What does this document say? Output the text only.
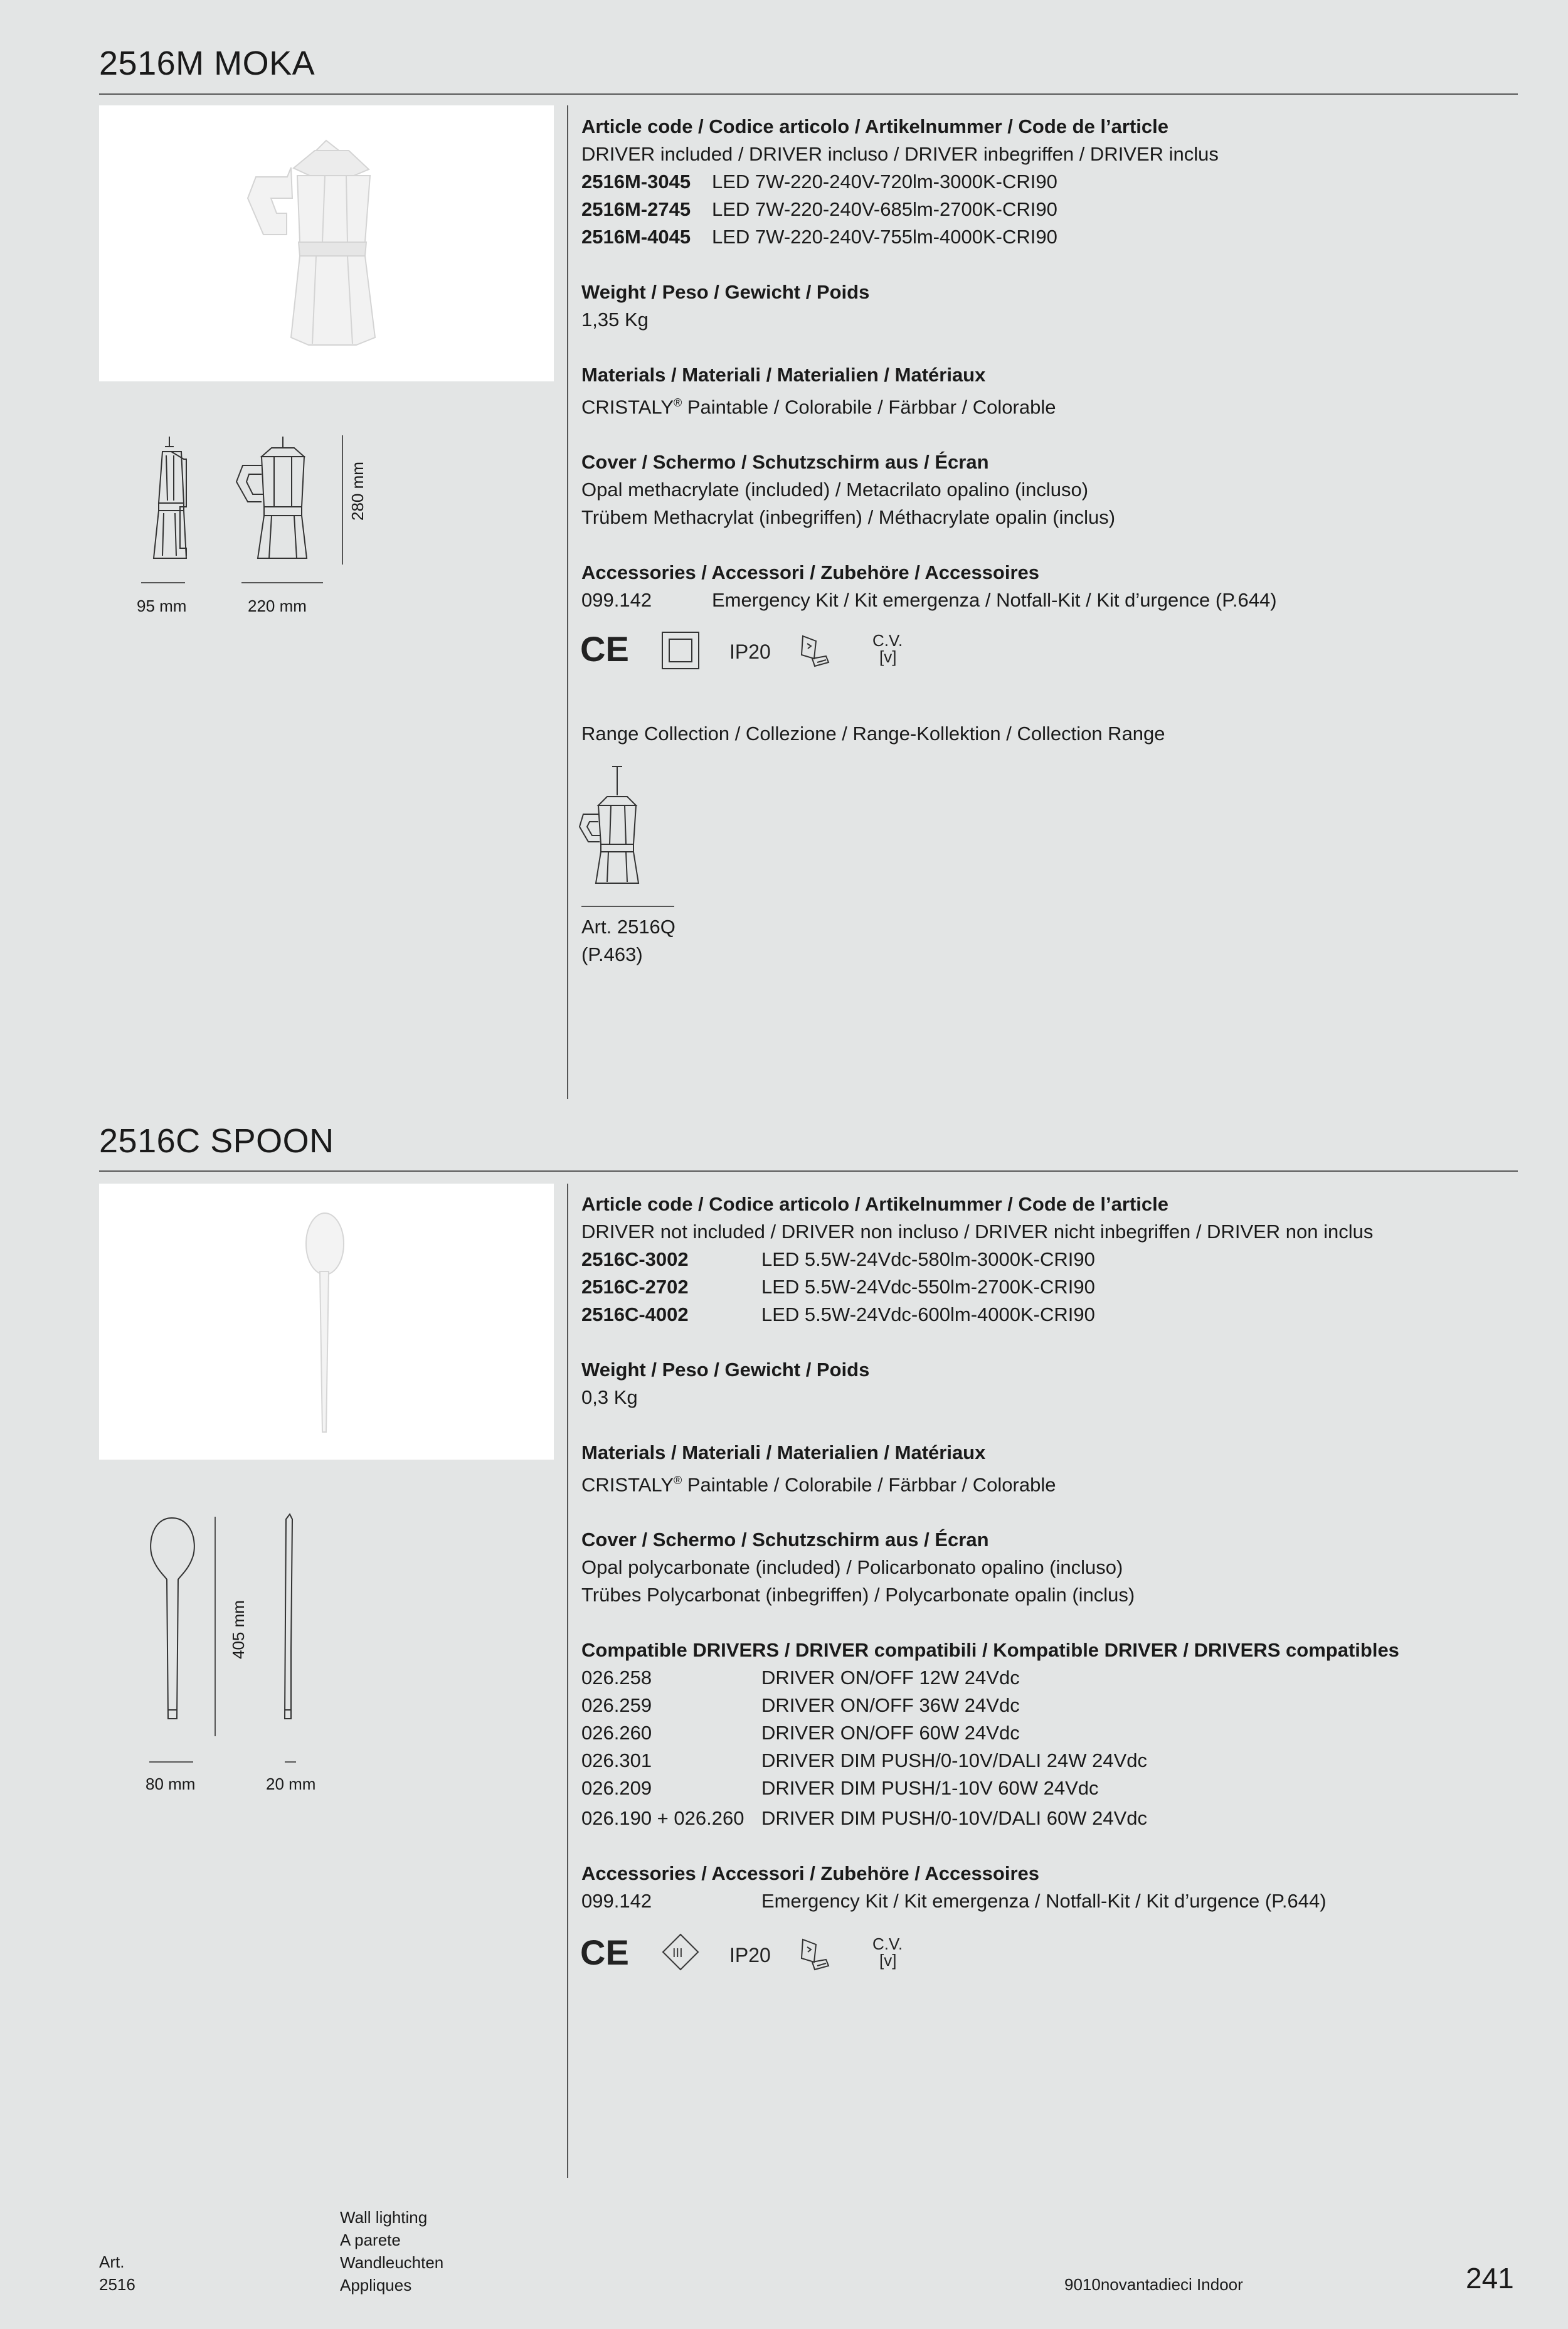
2516M MOKA
280 mm
95 mm	220 mm
Article code / Codice articolo / Artikelnummer / Code de l’article
DRIVER included / DRIVER incluso / DRIVER inbegriffen / DRIVER inclus
2516M-3045	LED 7W-220-240V-720lm-3000K-CRI90
2516M-2745	LED 7W-220-240V-685lm-2700K-CRI90
2516M-4045	LED 7W-220-240V-755lm-4000K-CRI90
Weight / Peso / Gewicht / Poids
1,35 Kg
Materials / Materiali / Materialien / Matériaux
CRISTALY® Paintable / Colorabile / Färbbar / Colorable
Cover / Schermo / Schutzschirm aus / Écran
Opal methacrylate (included) / Metacrilato opalino (incluso)
Trübem Methacrylat (inbegriffen) / Méthacrylate opalin (inclus)
Accessories / Accessori / Zubehöre / Accessoires
099.142	Emergency Kit / Kit emergenza / Notfall-Kit / Kit d’urgence (P.644)
CE	IP20	C.V.
[v]
Range Collection / Collezione / Range-Kollektion / Collection Range
Art. 2516Q
(P.463)
2516C SPOON
405 mm
80 mm	20 mm
Article code / Codice articolo / Artikelnummer / Code de l’article
DRIVER not included / DRIVER non incluso / DRIVER nicht inbegriffen / DRIVER non inclus
2516C-3002	LED 5.5W-24Vdc-580lm-3000K-CRI90
2516C-2702	LED 5.5W-24Vdc-550lm-2700K-CRI90
2516C-4002	LED 5.5W-24Vdc-600lm-4000K-CRI90
Weight / Peso / Gewicht / Poids
0,3 Kg
Materials / Materiali / Materialien / Matériaux
CRISTALY® Paintable / Colorabile / Färbbar / Colorable
Cover / Schermo / Schutzschirm aus / Écran
Opal polycarbonate (included) / Policarbonato opalino (incluso)
Trübes Polycarbonat (inbegriffen) / Polycarbonate opalin (inclus)
Compatible DRIVERS / DRIVER compatibili / Kompatible DRIVER / DRIVERS compatibles
026.258	DRIVER ON/OFF 12W 24Vdc
026.259	DRIVER ON/OFF 36W 24Vdc
026.260	DRIVER ON/OFF 60W 24Vdc
026.301	DRIVER DIM PUSH/0-10V/DALI 24W 24Vdc
026.209	DRIVER DIM PUSH/1-10V 60W 24Vdc
026.190 + 026.260 DRIVER DIM PUSH/0-10V/DALI 60W 24Vdc
Accessories / Accessori / Zubehöre / Accessoires
099.142	Emergency Kit / Kit emergenza / Notfall-Kit / Kit d’urgence (P.644)
CE	III IP20	C.V.
[v]
Art.
2516
Wall lighting
A parete
Wandleuchten
Appliques	9010novantadieci Indoor	241
